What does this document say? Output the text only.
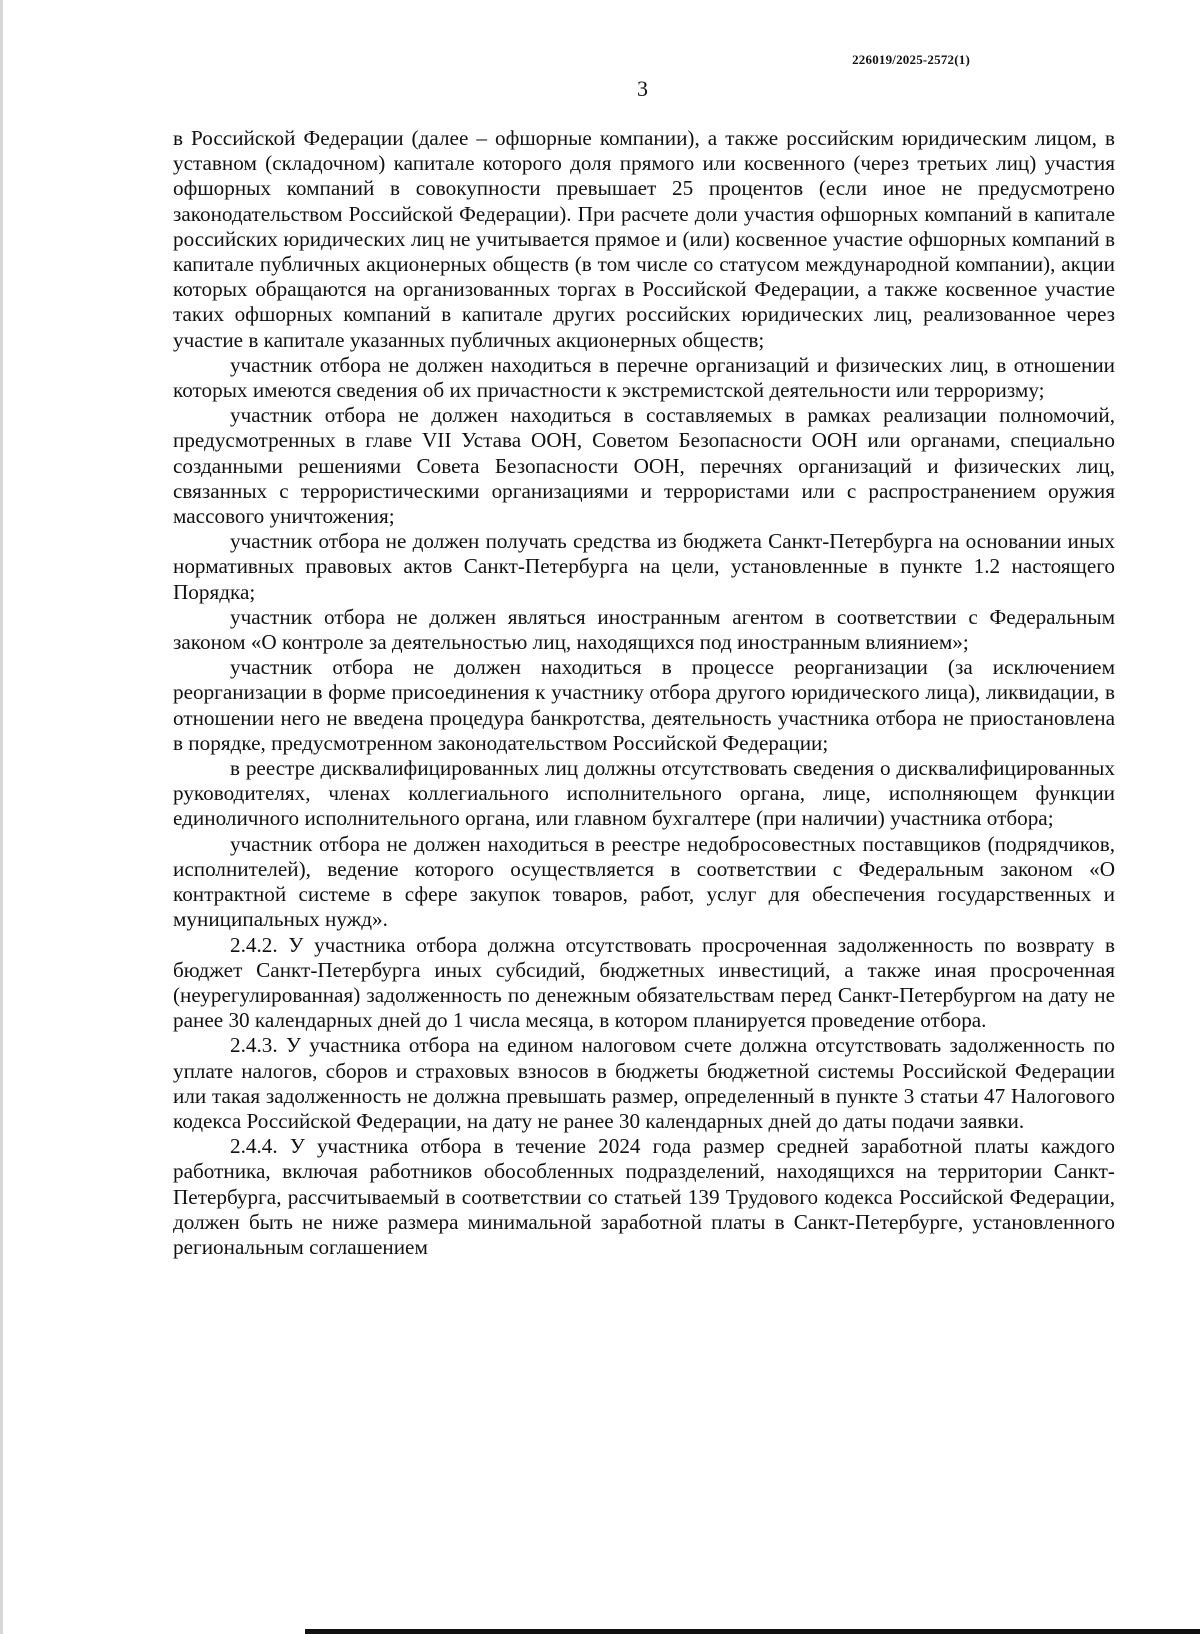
226019/2025-2572(1)
3

в Российской Федерации (далее – офшорные компании), а также российским юридическим лицом, в уставном (складочном) капитале которого доля прямого или косвенного (через третьих лиц) участия офшорных компаний в совокупности превышает 25 процентов (если иное не предусмотрено законодательством Российской Федерации). При расчете доли участия офшорных компаний в капитале российских юридических лиц не учитывается прямое и (или) косвенное участие офшорных компаний в капитале публичных акционерных обществ (в том числе со статусом международной компании), акции которых обращаются на организованных торгах в Российской Федерации, а также косвенное участие таких офшорных компаний в капитале других российских юридических лиц, реализованное через участие в капитале указанных публичных акционерных обществ;

участник отбора не должен находиться в перечне организаций и физических лиц, в отношении которых имеются сведения об их причастности к экстремистской деятельности или терроризму;

участник отбора не должен находиться в составляемых в рамках реализации полномочий, предусмотренных в главе VII Устава ООН, Советом Безопасности ООН или органами, специально созданными решениями Совета Безопасности ООН, перечнях организаций и физических лиц, связанных с террористическими организациями и террористами или с распространением оружия массового уничтожения;

участник отбора не должен получать средства из бюджета Санкт-Петербурга на основании иных нормативных правовых актов Санкт-Петербурга на цели, установленные в пункте 1.2 настоящего Порядка;

участник отбора не должен являться иностранным агентом в соответствии с Федеральным законом «О контроле за деятельностью лиц, находящихся под иностранным влиянием»;

участник отбора не должен находиться в процессе реорганизации (за исключением реорганизации в форме присоединения к участнику отбора другого юридического лица), ликвидации, в отношении него не введена процедура банкротства, деятельность участника отбора не приостановлена в порядке, предусмотренном законодательством Российской Федерации;

в реестре дисквалифицированных лиц должны отсутствовать сведения о дисквалифицированных руководителях, членах коллегиального исполнительного органа, лице, исполняющем функции единоличного исполнительного органа, или главном бухгалтере (при наличии) участника отбора;

участник отбора не должен находиться в реестре недобросовестных поставщиков (подрядчиков, исполнителей), ведение которого осуществляется в соответствии с Федеральным законом «О контрактной системе в сфере закупок товаров, работ, услуг для обеспечения государственных и муниципальных нужд».

2.4.2. У участника отбора должна отсутствовать просроченная задолженность по возврату в бюджет Санкт-Петербурга иных субсидий, бюджетных инвестиций, а также иная просроченная (неурегулированная) задолженность по денежным обязательствам перед Санкт-Петербургом на дату не ранее 30 календарных дней до 1 числа месяца, в котором планируется проведение отбора.

2.4.3. У участника отбора на едином налоговом счете должна отсутствовать задолженность по уплате налогов, сборов и страховых взносов в бюджеты бюджетной системы Российской Федерации или такая задолженность не должна превышать размер, определенный в пункте 3 статьи 47 Налогового кодекса Российской Федерации, на дату не ранее 30 календарных дней до даты подачи заявки.

2.4.4. У участника отбора в течение 2024 года размер средней заработной платы каждого работника, включая работников обособленных подразделений, находящихся на территории Санкт-Петербурга, рассчитываемый в соответствии со статьей 139 Трудового кодекса Российской Федерации, должен быть не ниже размера минимальной заработной платы в Санкт-Петербурге, установленного региональным соглашением
